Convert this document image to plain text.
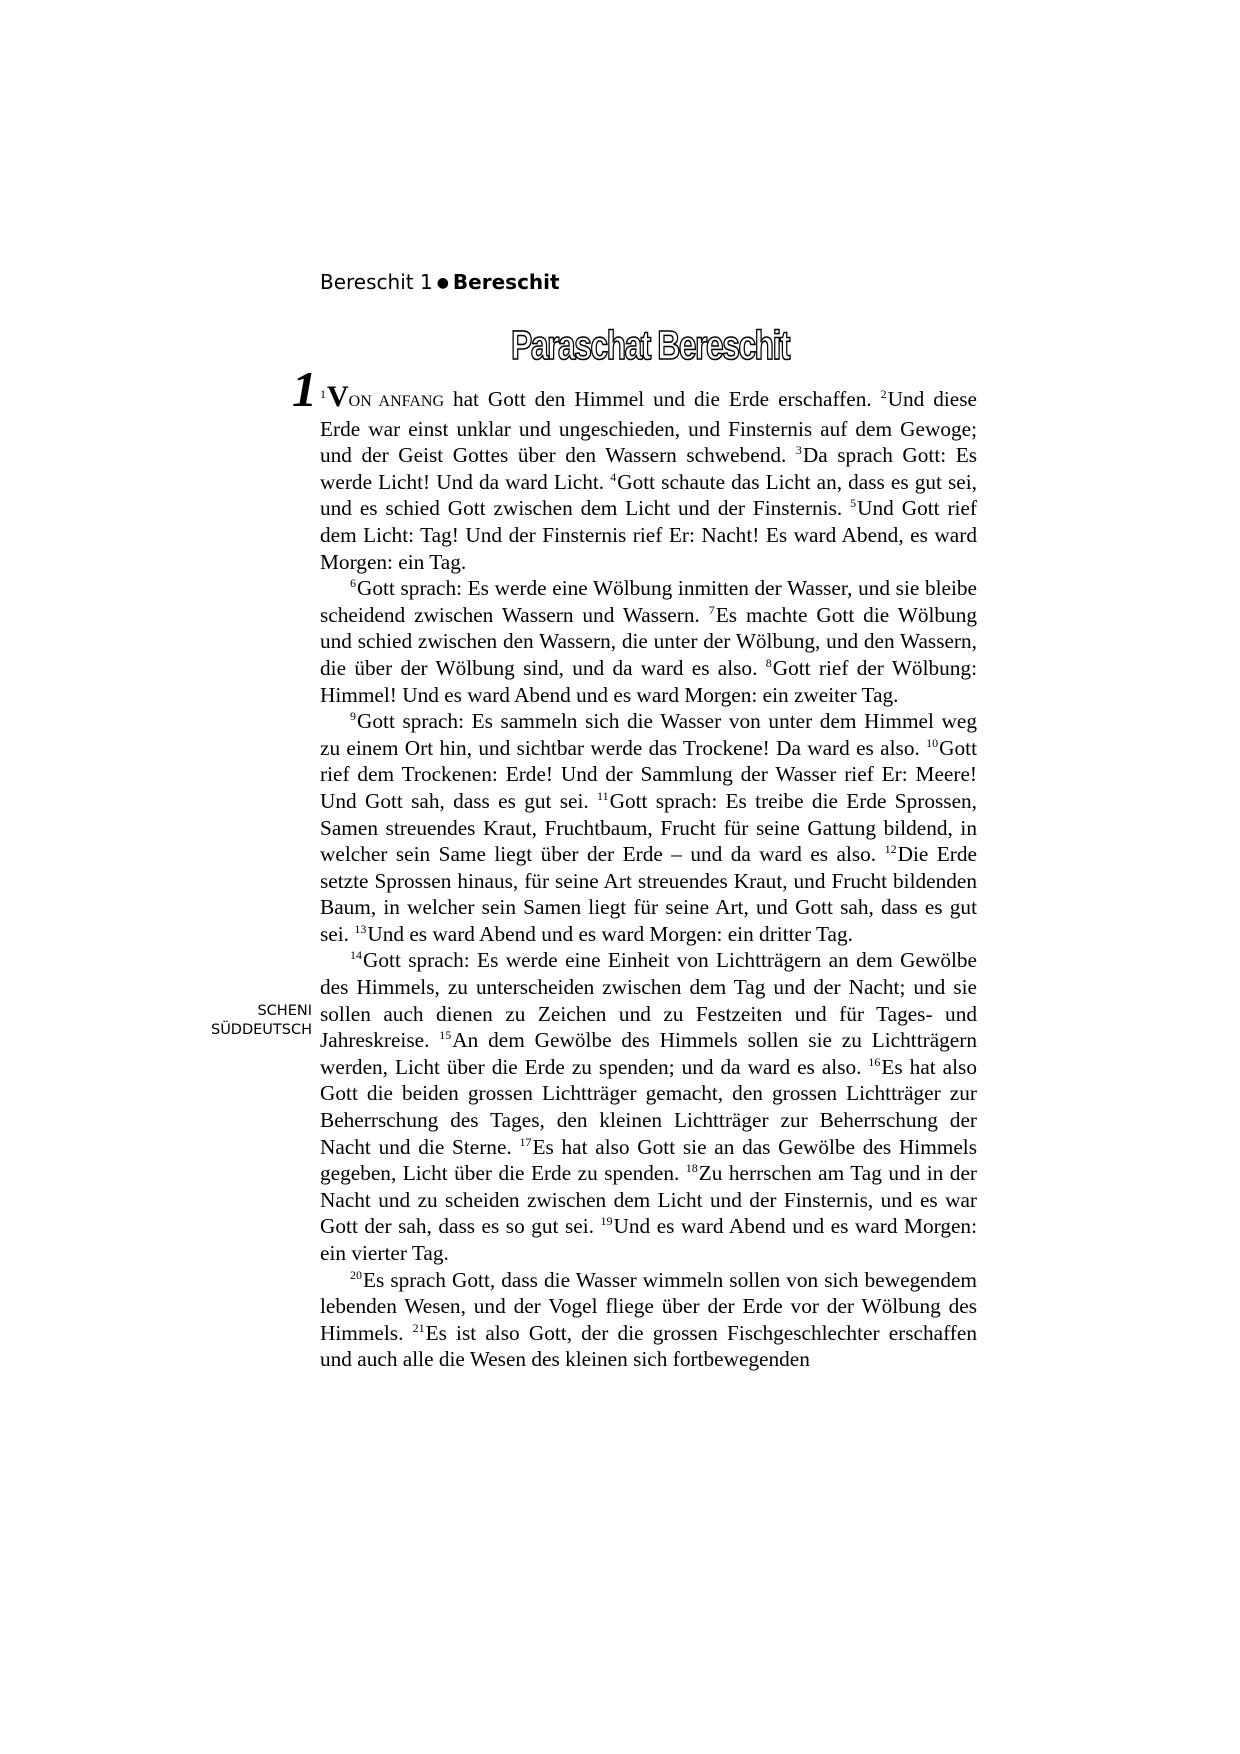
Bereschit 1 ● Bereschit
Paraschat Bereschit
1
SCHENI
SÜDDEUTSCH

$^1$VON ANFANG hat Gott den Himmel und die Erde erschaffen. $^2$Und diese Erde war einst unklar und ungeschieden, und Finsternis auf dem Gewoge; und der Geist Gottes über den Wassern schwebend. $^3$Da sprach Gott: Es werde Licht! Und da ward Licht. $^4$Gott schaute das Licht an, dass es gut sei, und es schied Gott zwischen dem Licht und der Finsternis. $^5$Und Gott rief dem Licht: Tag! Und der Finsternis rief Er: Nacht! Es ward Abend, es ward Morgen: ein Tag.

$^6$Gott sprach: Es werde eine Wölbung inmitten der Wasser, und sie bleibe scheidend zwischen Wassern und Wassern. $^7$Es machte Gott die Wölbung und schied zwischen den Wassern, die unter der Wölbung, und den Wassern, die über der Wölbung sind, und da ward es also. $^8$Gott rief der Wölbung: Himmel! Und es ward Abend und es ward Morgen: ein zweiter Tag.

$^9$Gott sprach: Es sammeln sich die Wasser von unter dem Himmel weg zu einem Ort hin, und sichtbar werde das Trockene! Da ward es also. $^{10}$Gott rief dem Trockenen: Erde! Und der Sammlung der Wasser rief Er: Meere! Und Gott sah, dass es gut sei. $^{11}$Gott sprach: Es treibe die Erde Sprossen, Samen streuendes Kraut, Fruchtbaum, Frucht für seine Gattung bildend, in welcher sein Same liegt über der Erde – und da ward es also. $^{12}$Die Erde setzte Sprossen hinaus, für seine Art streuendes Kraut, und Frucht bildenden Baum, in welcher sein Samen liegt für seine Art, und Gott sah, dass es gut sei. $^{13}$Und es ward Abend und es ward Morgen: ein dritter Tag.

$^{14}$Gott sprach: Es werde eine Einheit von Lichtträgern an dem Gewölbe des Himmels, zu unterscheiden zwischen dem Tag und der Nacht; und sie sollen auch dienen zu Zeichen und zu Festzeiten und für Tages- und Jahreskreise. $^{15}$An dem Gewölbe des Himmels sollen sie zu Lichtträgern werden, Licht über die Erde zu spenden; und da ward es also. $^{16}$Es hat also Gott die beiden grossen Lichtträger gemacht, den grossen Lichtträger zur Beherrschung des Tages, den kleinen Lichtträger zur Beherrschung der Nacht und die Sterne. $^{17}$Es hat also Gott sie an das Gewölbe des Himmels gegeben, Licht über die Erde zu spenden. $^{18}$Zu herrschen am Tag und in der Nacht und zu scheiden zwischen dem Licht und der Finsternis, und es war Gott der sah, dass es so gut sei. $^{19}$Und es ward Abend und es ward Morgen: ein vierter Tag.

$^{20}$Es sprach Gott, dass die Wasser wimmeln sollen von sich bewegendem lebenden Wesen, und der Vogel fliege über der Erde vor der Wölbung des Himmels. $^{21}$Es ist also Gott, der die grossen Fischgeschlechter erschaffen und auch alle die Wesen des kleinen sich fortbewegenden
